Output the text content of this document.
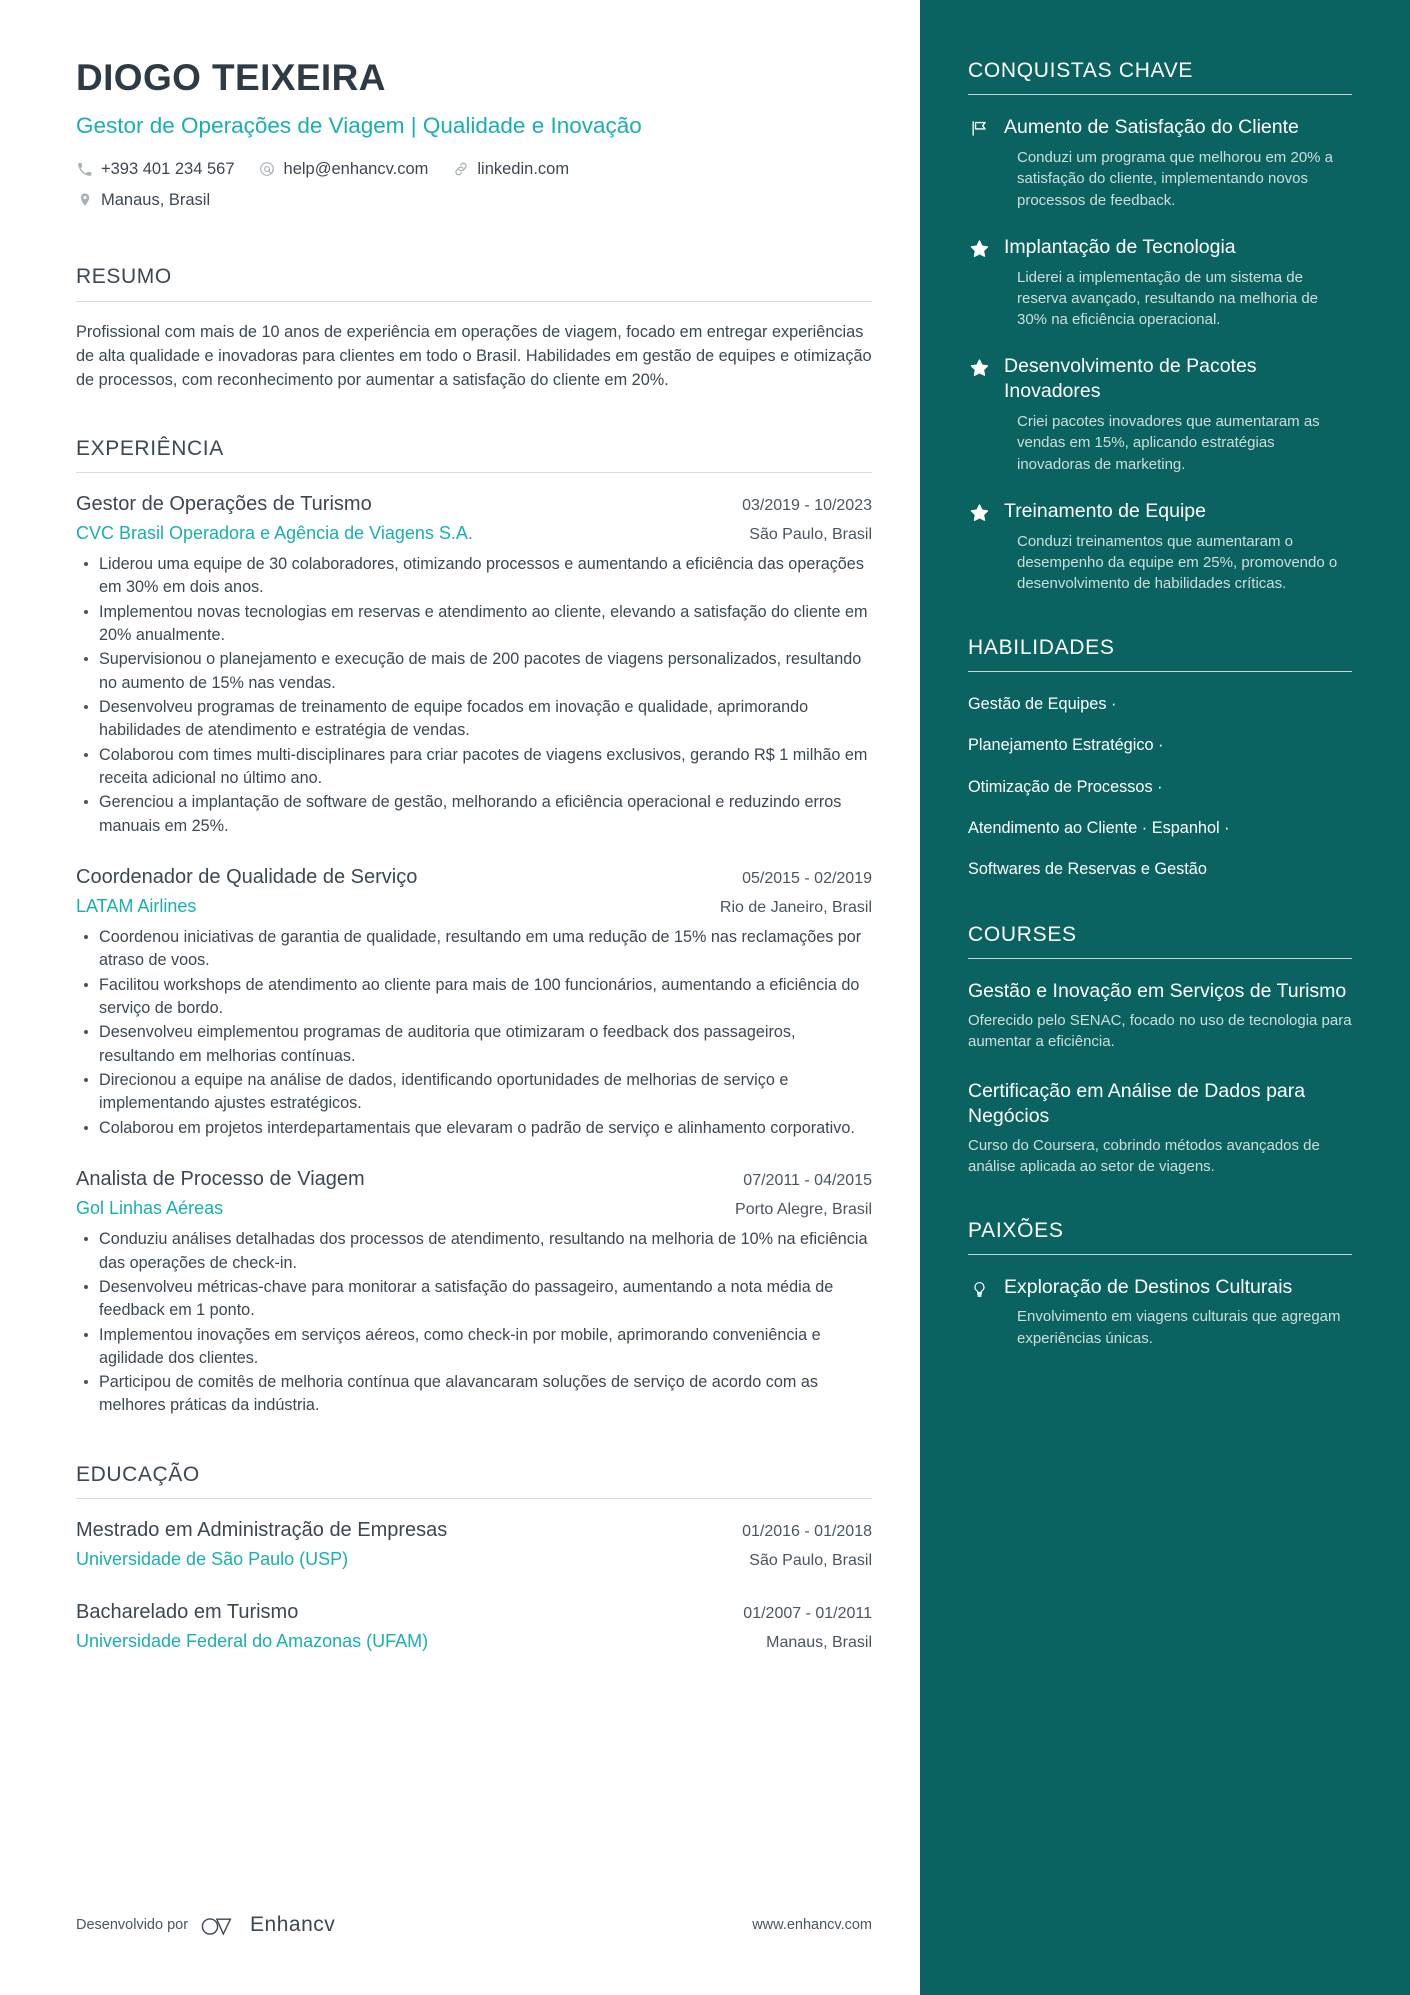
DIOGO TEIXEIRA
Gestor de Operações de Viagem | Qualidade e Inovação
+393 401 234 567	help@enhancv.com	linkedin.com
Manaus, Brasil
RESUMO
Profissional com mais de 10 anos de experiência em operações de viagem, focado em entregar experiências de alta qualidade e inovadoras para clientes em todo o Brasil. Habilidades em gestão de equipes e otimização de processos, com reconhecimento por aumentar a satisfação do cliente em 20%.
EXPERIÊNCIA
Gestor de Operações de Turismo	03/2019 - 10/2023
CVC Brasil Operadora e Agência de Viagens S.A.	São Paulo, Brasil
Liderou uma equipe de 30 colaboradores, otimizando processos e aumentando a eficiência das operações em 30% em dois anos.
Implementou novas tecnologias em reservas e atendimento ao cliente, elevando a satisfação do cliente em 20% anualmente.
Supervisionou o planejamento e execução de mais de 200 pacotes de viagens personalizados, resultando no aumento de 15% nas vendas.
Desenvolveu programas de treinamento de equipe focados em inovação e qualidade, aprimorando habilidades de atendimento e estratégia de vendas.
Colaborou com times multi-disciplinares para criar pacotes de viagens exclusivos, gerando R$ 1 milhão em receita adicional no último ano.
Gerenciou a implantação de software de gestão, melhorando a eficiência operacional e reduzindo erros manuais em 25%.
Coordenador de Qualidade de Serviço	05/2015 - 02/2019
LATAM Airlines	Rio de Janeiro, Brasil
Coordenou iniciativas de garantia de qualidade, resultando em uma redução de 15% nas reclamações por atraso de voos.
Facilitou workshops de atendimento ao cliente para mais de 100 funcionários, aumentando a eficiência do serviço de bordo.
Desenvolveu eimplementou programas de auditoria que otimizaram o feedback dos passageiros, resultando em melhorias contínuas.
Direcionou a equipe na análise de dados, identificando oportunidades de melhorias de serviço e implementando ajustes estratégicos.
Colaborou em projetos interdepartamentais que elevaram o padrão de serviço e alinhamento corporativo.
Analista de Processo de Viagem	07/2011 - 04/2015
Gol Linhas Aéreas	Porto Alegre, Brasil
Conduziu análises detalhadas dos processos de atendimento, resultando na melhoria de 10% na eficiência das operações de check-in.
Desenvolveu métricas-chave para monitorar a satisfação do passageiro, aumentando a nota média de feedback em 1 ponto.
Implementou inovações em serviços aéreos, como check-in por mobile, aprimorando conveniência e agilidade dos clientes.
Participou de comitês de melhoria contínua que alavancaram soluções de serviço de acordo com as melhores práticas da indústria.
EDUCAÇÃO
Mestrado em Administração de Empresas	01/2016 - 01/2018
Universidade de São Paulo (USP)	São Paulo, Brasil
Bacharelado em Turismo	01/2007 - 01/2011
Universidade Federal do Amazonas (UFAM)	Manaus, Brasil
Desenvolvido por	Enhancv	www.enhancv.com
CONQUISTAS CHAVE
Aumento de Satisfação do Cliente
Conduzi um programa que melhorou em 20% a satisfação do cliente, implementando novos processos de feedback.
Implantação de Tecnologia
Liderei a implementação de um sistema de reserva avançado, resultando na melhoria de 30% na eficiência operacional.
Desenvolvimento de Pacotes Inovadores
Criei pacotes inovadores que aumentaram as vendas em 15%, aplicando estratégias inovadoras de marketing.
Treinamento de Equipe
Conduzi treinamentos que aumentaram o desempenho da equipe em 25%, promovendo o desenvolvimento de habilidades críticas.
HABILIDADES
Gestão de Equipes ·
Planejamento Estratégico ·
Otimização de Processos ·
Atendimento ao Cliente · Espanhol ·
Softwares de Reservas e Gestão
COURSES
Gestão e Inovação em Serviços de Turismo
Oferecido pelo SENAC, focado no uso de tecnologia para aumentar a eficiência.
Certificação em Análise de Dados para Negócios
Curso do Coursera, cobrindo métodos avançados de análise aplicada ao setor de viagens.
PAIXÕES
Exploração de Destinos Culturais
Envolvimento em viagens culturais que agregam experiências únicas.
